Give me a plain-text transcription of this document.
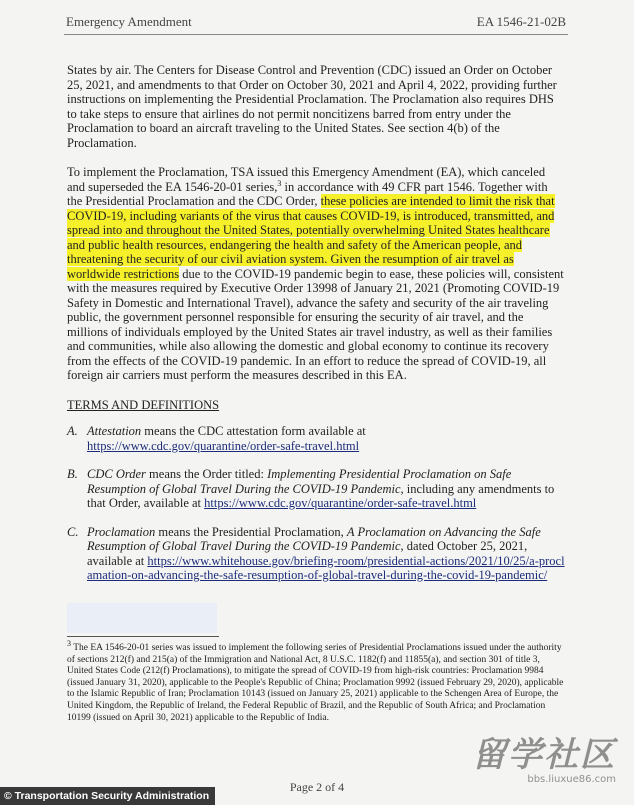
Emergency Amendment	EA 1546-21-02B

States by air. The Centers for Disease Control and Prevention (CDC) issued an Order on October 25, 2021, and amendments to that Order on October 30, 2021 and April 4, 2022, providing further instructions on implementing the Presidential Proclamation. The Proclamation also requires DHS to take steps to ensure that airlines do not permit noncitizens barred from entry under the Proclamation to board an aircraft traveling to the United States. See section 4(b) of the Proclamation.

To implement the Proclamation, TSA issued this Emergency Amendment (EA), which canceled and superseded the EA 1546-20-01 series,$^3$ in accordance with 49 CFR part 1546. Together with the Presidential Proclamation and the CDC Order, these policies are intended to limit the risk that COVID-19, including variants of the virus that causes COVID-19, is introduced, transmitted, and spread into and throughout the United States, potentially overwhelming United States healthcare and public health resources, endangering the health and safety of the American people, and threatening the security of our civil aviation system. Given the resumption of air travel as worldwide restrictions due to the COVID-19 pandemic begin to ease, these policies will, consistent with the measures required by Executive Order 13998 of January 21, 2021 (Promoting COVID-19 Safety in Domestic and International Travel), advance the safety and security of the air traveling public, the government personnel responsible for ensuring the security of air travel, and the millions of individuals employed by the United States air travel industry, as well as their families and communities, while also allowing the domestic and global economy to continue its recovery from the effects of the COVID-19 pandemic. In an effort to reduce the spread of COVID-19, all foreign air carriers must perform the measures described in this EA.

TERMS AND DEFINITIONS
A. Attestation means the CDC attestation form available at
https://www.cdc.gov/quarantine/order-safe-travel.html
B. CDC Order means the Order titled: Implementing Presidential Proclamation on Safe Resumption of Global Travel During the COVID-19 Pandemic, including any amendments to that Order, available at https://www.cdc.gov/quarantine/order-safe-travel.html
C. Proclamation means the Presidential Proclamation, A Proclamation on Advancing the Safe Resumption of Global Travel During the COVID-19 Pandemic, dated October 25, 2021, available at https://www.whitehouse.gov/briefing-room/presidential-actions/2021/10/25/a-proclamation-on-advancing-the-safe-resumption-of-global-travel-during-the-covid-19-pandemic/
$^3$ The EA 1546-20-01 series was issued to implement the following series of Presidential Proclamations issued under the authority of sections 212(f) and 215(a) of the Immigration and National Act, 8 U.S.C. 1182(f) and 11855(a), and section 301 of title 3, United States Code (212(f) Proclamations), to mitigate the spread of COVID-19 from high-risk countries: Proclamation 9984 (issued January 31, 2020), applicable to the People's Republic of China; Proclamation 9992 (issued February 29, 2020), applicable to the Islamic Republic of Iran; Proclamation 10143 (issued on January 25, 2021) applicable to the Schengen Area of Europe, the United Kingdom, the Republic of Ireland, the Federal Republic of Brazil, and the Republic of South Africa; and Proclamation 10199 (issued on April 30, 2021) applicable to the Republic of India.
Page 2 of 4
留学社区
bbs.liuxue86.com
© Transportation Security Administration
